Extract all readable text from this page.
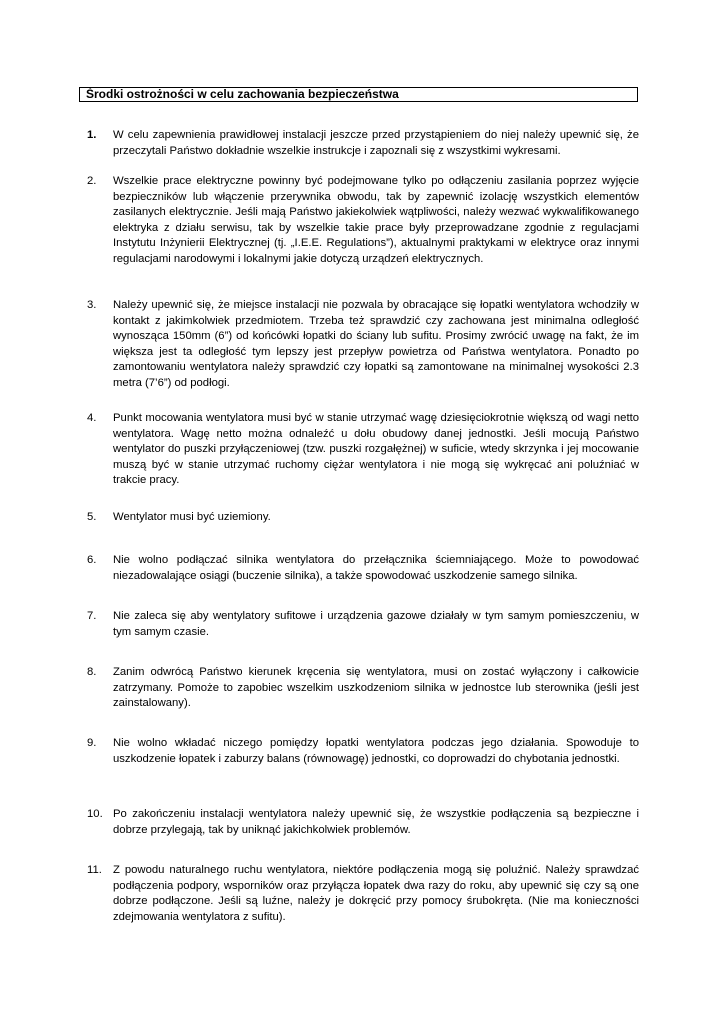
Środki ostrożności w celu zachowania bezpieczeństwa
1.	W celu zapewnienia prawidłowej instalacji jeszcze przed przystąpieniem do niej należy upewnić się, że przeczytali Państwo dokładnie wszelkie instrukcje i zapoznali się z wszystkimi wykresami.
2.	Wszelkie prace elektryczne powinny być podejmowane tylko po odłączeniu zasilania poprzez wyjęcie bezpieczników lub włączenie przerywnika obwodu, tak by zapewnić izolację wszystkich elementów zasilanych elektrycznie. Jeśli mają Państwo jakiekolwiek wątpliwości, należy wezwać wykwalifikowanego elektryka z działu serwisu, tak by wszelkie takie prace były przeprowadzane zgodnie z regulacjami Instytutu Inżynierii Elektrycznej (tj. „I.E.E. Regulations”), aktualnymi praktykami w elektryce oraz innymi regulacjami narodowymi i lokalnymi jakie dotyczą urządzeń elektrycznych.
3.	Należy upewnić się, że miejsce instalacji nie pozwala by obracające się łopatki wentylatora wchodziły w kontakt z jakimkolwiek przedmiotem. Trzeba też sprawdzić czy zachowana jest minimalna odległość wynosząca 150mm (6”) od końcówki łopatki do ściany lub sufitu. Prosimy zwrócić uwagę na fakt, że im większa jest ta odległość tym lepszy jest przepływ powietrza od Państwa wentylatora. Ponadto po zamontowaniu wentylatora należy sprawdzić czy łopatki są zamontowane na minimalnej wysokości 2.3 metra (7’6”) od podłogi.
4.	Punkt mocowania wentylatora musi być w stanie utrzymać wagę dziesięciokrotnie większą od wagi netto wentylatora. Wagę netto można odnaleźć u dołu obudowy danej jednostki. Jeśli mocują Państwo wentylator do puszki przyłączeniowej (tzw. puszki rozgałężnej) w suficie, wtedy skrzynka i jej mocowanie muszą być w stanie utrzymać ruchomy ciężar wentylatora i nie mogą się wykręcać ani poluźniać w trakcie pracy.
5.	Wentylator musi być uziemiony.
6.	Nie wolno podłączać silnika wentylatora do przełącznika ściemniającego. Może to powodować niezadowalające osiągi (buczenie silnika), a także spowodować uszkodzenie samego silnika.
7.	Nie zaleca się aby wentylatory sufitowe i urządzenia gazowe działały w tym samym pomieszczeniu, w tym samym czasie.
8.	Zanim odwrócą Państwo kierunek kręcenia się wentylatora, musi on zostać wyłączony i całkowicie zatrzymany. Pomoże to zapobiec wszelkim uszkodzeniom silnika w jednostce lub sterownika (jeśli jest zainstalowany).
9.	Nie wolno wkładać niczego pomiędzy łopatki wentylatora podczas jego działania. Spowoduje to uszkodzenie łopatek i zaburzy balans (równowagę) jednostki, co doprowadzi do chybotania jednostki.
10. Po zakończeniu instalacji wentylatora należy upewnić się, że wszystkie podłączenia są bezpieczne i dobrze przylegają, tak by uniknąć jakichkolwiek problemów.
11. Z powodu naturalnego ruchu wentylatora, niektóre podłączenia mogą się poluźnić. Należy sprawdzać podłączenia podpory, wsporników oraz przyłącza łopatek dwa razy do roku, aby upewnić się czy są one dobrze podłączone. Jeśli są luźne, należy je dokręcić przy pomocy śrubokręta. (Nie ma konieczności zdejmowania wentylatora z sufitu).
